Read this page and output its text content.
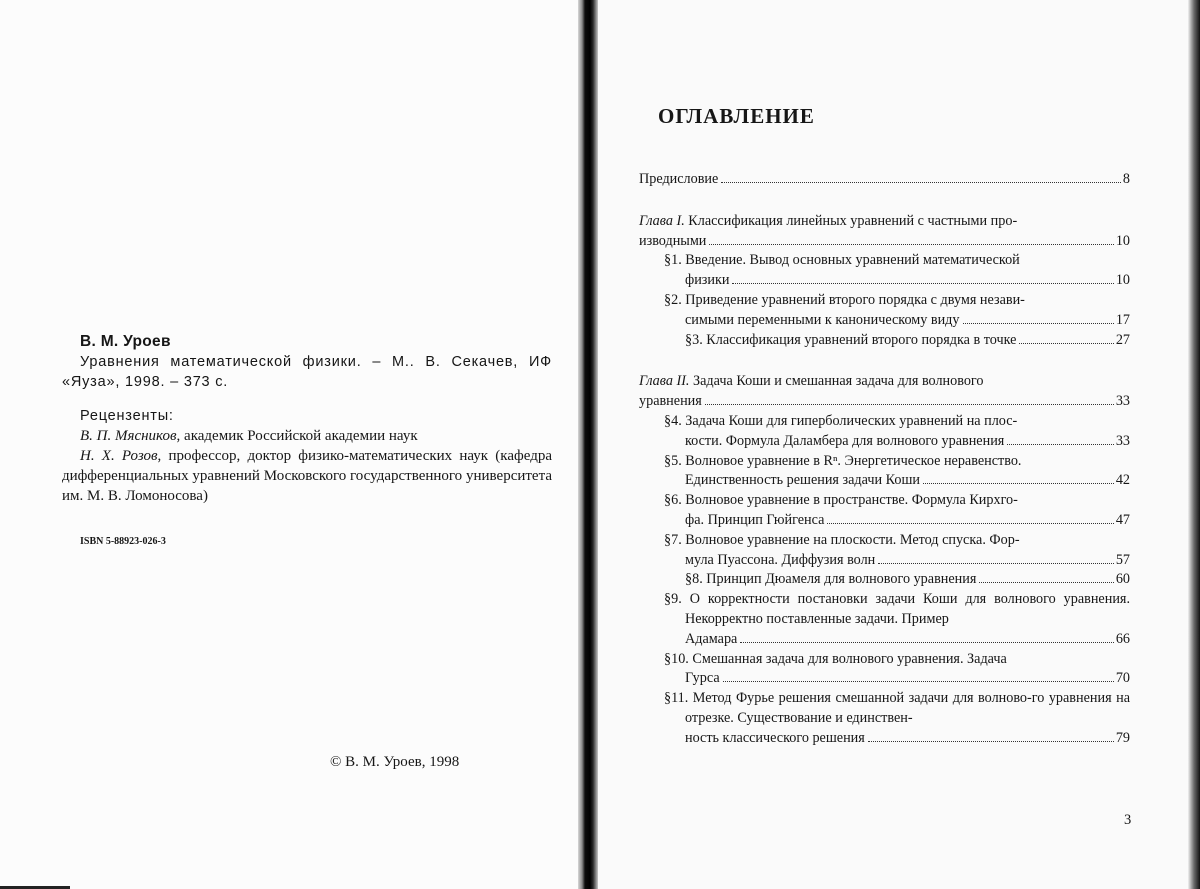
В. М. Уроев
Уравнения математической физики. – М.. В. Секачев, ИФ «Яуза», 1998. – 373 с.
Рецензенты:
В. П. Мясников, академик Российской академии наук
Н. Х. Розов, профессор, доктор физико-математических наук (кафедра дифференциальных уравнений Московского государственного университета им. М. В. Ломоносова)
ISBN 5-88923-026-3
© В. М. Уроев, 1998
ОГЛАВЛЕНИЕ
Предисловие	8
Глава I. Классификация линейных уравнений с частными про-
изводными	10
§1. Введение. Вывод основных уравнений математической
физики	10
§2. Приведение уравнений второго порядка с двумя незави-
симыми переменными к каноническому виду	17
§3. Классификация уравнений второго порядка в точке	27
Глава II. Задача Коши и смешанная задача для волнового
уравнения	33
§4. Задача Коши для гиперболических уравнений на плос-
кости. Формула Даламбера для волнового уравнения	33
§5. Волновое уравнение в Rⁿ. Энергетическое неравенство.
Единственность решения задачи Коши	42
§6. Волновое уравнение в пространстве. Формула Кирхго-
фа. Принцип Гюйгенса	47
§7. Волновое уравнение на плоскости. Метод спуска. Фор-
мула Пуассона. Диффузия волн	57
§8. Принцип Дюамеля для волнового уравнения	60
§9. О корректности постановки задачи Коши для волнового уравнения. Некорректно поставленные задачи. Пример
Адамара	66
§10. Смешанная задача для волнового уравнения. Задача
Гурса	70
§11. Метод Фурье решения смешанной задачи для волново-го уравнения на отрезке. Существование и единствен-
ность классического решения	79
3
